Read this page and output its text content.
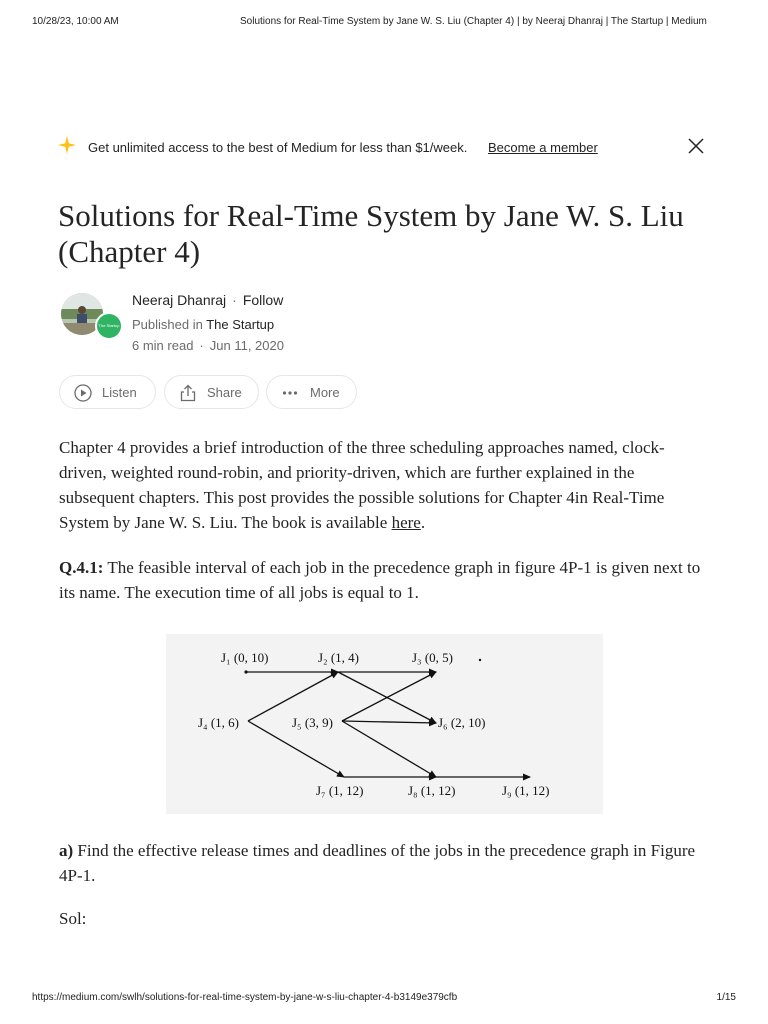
10/28/23, 10:00 AM	Solutions for Real-Time System by Jane W. S. Liu (Chapter 4) | by Neeraj Dhanraj | The Startup | Medium
Get unlimited access to the best of Medium for less than $1/week. Become a member
Solutions for Real-Time System by Jane W. S. Liu (Chapter 4)
The Startup
Neeraj Dhanraj · Follow
Published in The Startup
6 min read · Jun 11, 2020
Listen	Share	More

Chapter 4 provides a brief introduction of the three scheduling approaches named, clock-driven, weighted round-robin, and priority-driven, which are further explained in the subsequent chapters. This post provides the possible solutions for Chapter 4in Real-Time System by Jane W. S. Liu. The book is available here.

Q.4.1: The feasible interval of each job in the precedence graph in figure 4P-1 is given next to its name. The execution time of all jobs is equal to 1.

J₁ (0, 10)	J₂ (1, 4)	J₃ (0, 5)
J₄ (1, 6)	J₅ (3, 9)	J₆ (2, 10)
J₇ (1, 12)	J₈ (1, 12)	J₉ (1, 12)

a) Find the effective release times and deadlines of the jobs in the precedence graph in Figure 4P-1.

Sol:

https://medium.com/swlh/solutions-for-real-time-system-by-jane-w-s-liu-chapter-4-b3149e379cfb	1/15
